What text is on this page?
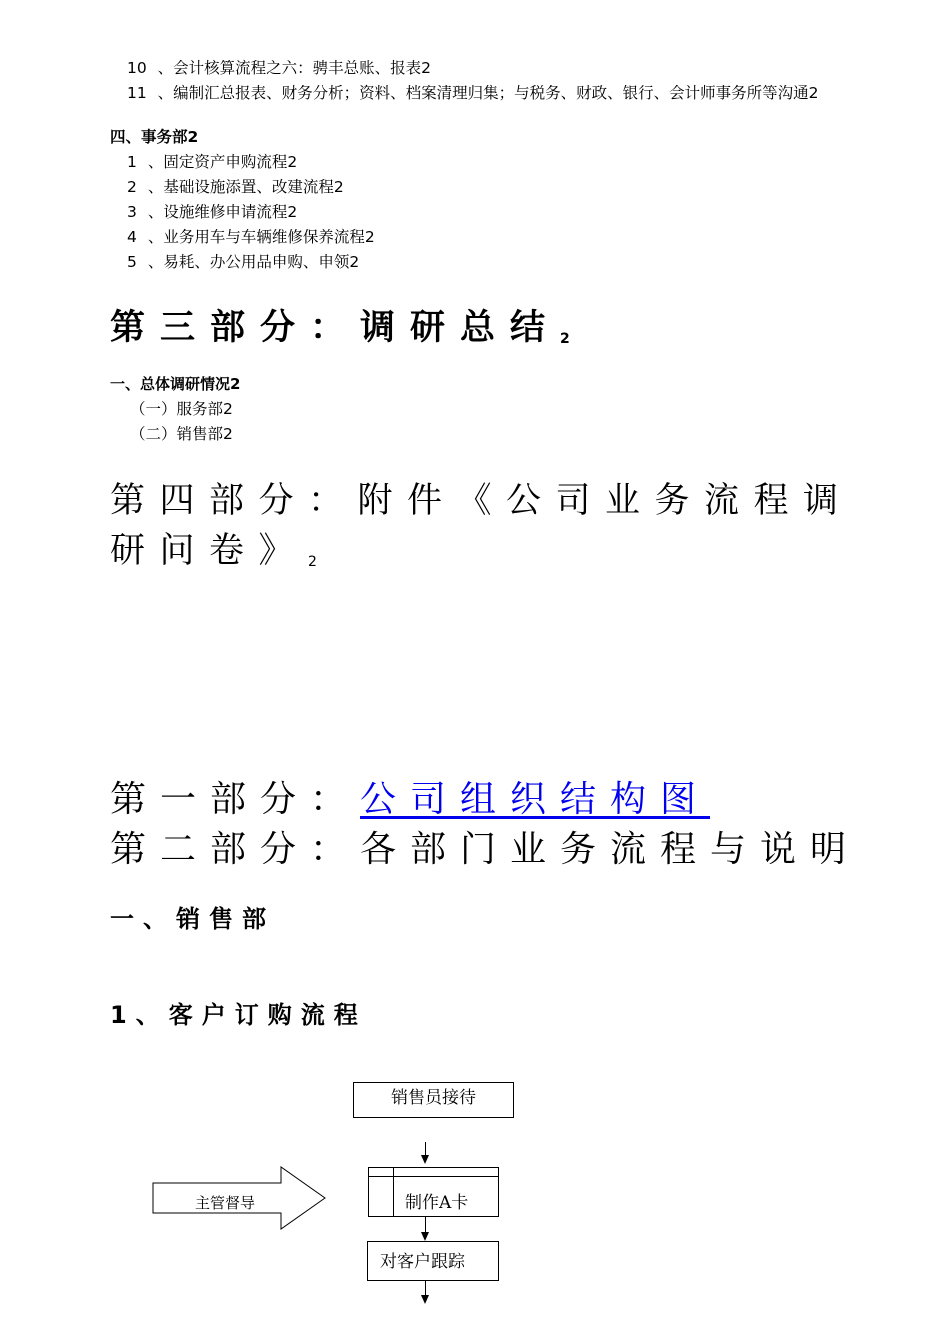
10 、会计核算流程之六：骋丰总账、报表2
11 、编制汇总报表、财务分析；资料、档案清理归集；与税务、财政、银行、会计师事务所等沟通2
四、事务部2
1 、固定资产申购流程2
2 、基础设施添置、改建流程2
3 、设施维修申请流程2
4 、业务用车与车辆维修保养流程2
5 、易耗、办公用品申购、申领2
第三部分：调研总结2
一、总体调研情况2
（一）服务部2
（二）销售部2
第四部分：附件《公司业务流程调
研问卷》2
第一部分：公司组织结构图
第二部分：各部门业务流程与说明
一、销售部
1、客户订购流程
销售员接待
制作A卡
对客户跟踪
主管督导
